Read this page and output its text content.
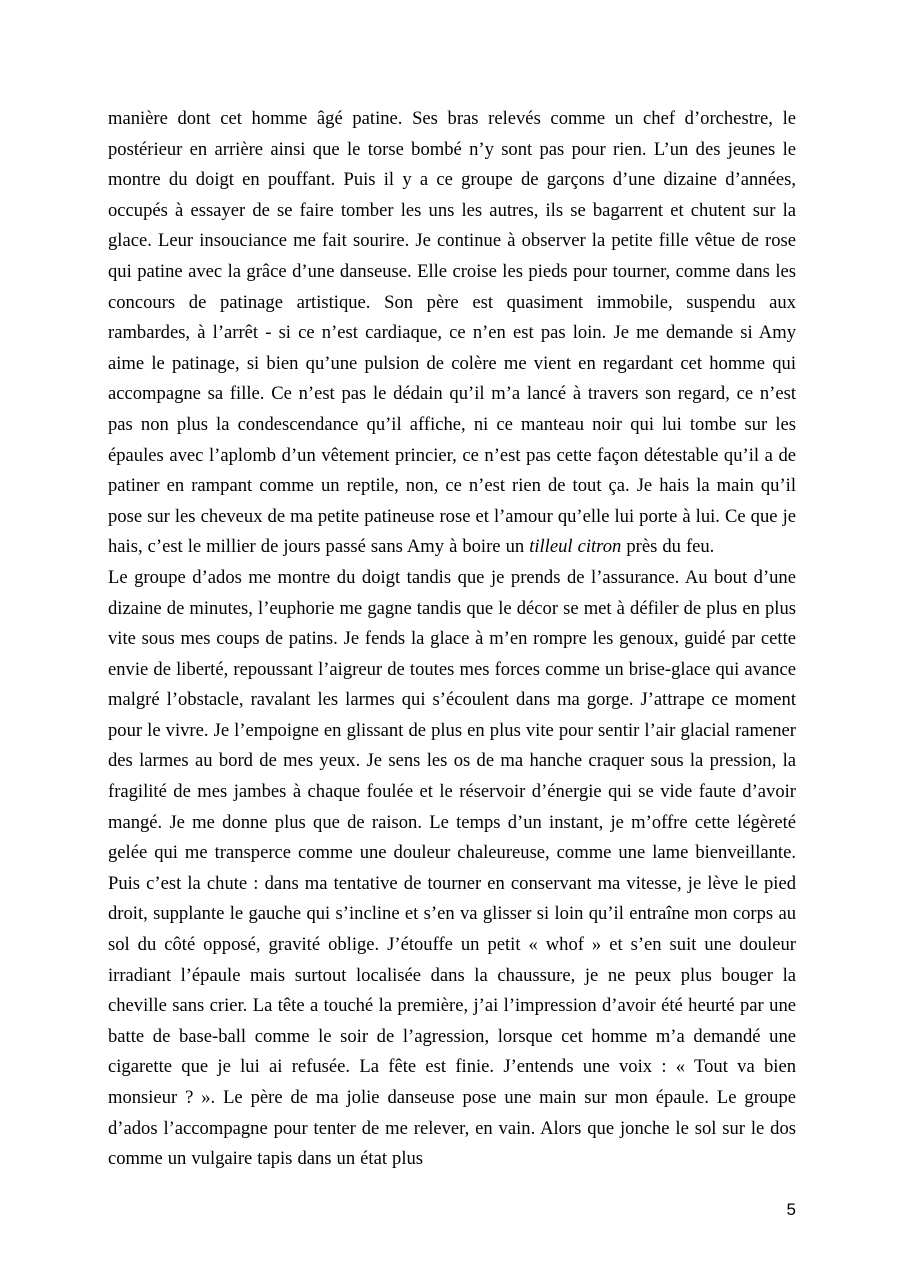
manière dont cet homme âgé patine. Ses bras relevés comme un chef d’orchestre, le postérieur en arrière ainsi que le torse bombé n’y sont pas pour rien. L’un des jeunes le montre du doigt en pouffant. Puis il y a ce groupe de garçons d’une dizaine d’années, occupés à essayer de se faire tomber les uns les autres, ils se bagarrent et chutent sur la glace. Leur insouciance me fait sourire. Je continue à observer la petite fille vêtue de rose qui patine avec la grâce d’une danseuse. Elle croise les pieds pour tourner, comme dans les concours de patinage artistique. Son père est quasiment immobile, suspendu aux rambardes, à l’arrêt - si ce n’est cardiaque, ce n’en est pas loin. Je me demande si Amy aime le patinage, si bien qu’une pulsion de colère me vient en regardant cet homme qui accompagne sa fille. Ce n’est pas le dédain qu’il m’a lancé à travers son regard, ce n’est pas non plus la condescendance qu’il affiche, ni ce manteau noir qui lui tombe sur les épaules avec l’aplomb d’un vêtement princier, ce n’est pas cette façon détestable qu’il a de patiner en rampant comme un reptile, non, ce n’est rien de tout ça. Je hais la main qu’il pose sur les cheveux de ma petite patineuse rose et l’amour qu’elle lui porte à lui. Ce que je hais, c’est le millier de jours passé sans Amy à boire un tilleul citron près du feu.

Le groupe d’ados me montre du doigt tandis que je prends de l’assurance. Au bout d’une dizaine de minutes, l’euphorie me gagne tandis que le décor se met à défiler de plus en plus vite sous mes coups de patins. Je fends la glace à m’en rompre les genoux, guidé par cette envie de liberté, repoussant l’aigreur de toutes mes forces comme un brise-glace qui avance malgré l’obstacle, ravalant les larmes qui s’écoulent dans ma gorge. J’attrape ce moment pour le vivre. Je l’empoigne en glissant de plus en plus vite pour sentir l’air glacial ramener des larmes au bord de mes yeux. Je sens les os de ma hanche craquer sous la pression, la fragilité de mes jambes à chaque foulée et le réservoir d’énergie qui se vide faute d’avoir mangé. Je me donne plus que de raison. Le temps d’un instant, je m’offre cette légèreté gelée qui me transperce comme une douleur chaleureuse, comme une lame bienveillante. Puis c’est la chute : dans ma tentative de tourner en conservant ma vitesse, je lève le pied droit, supplante le gauche qui s’incline et s’en va glisser si loin qu’il entraîne mon corps au sol du côté opposé, gravité oblige. J’étouffe un petit « whof » et s’en suit une douleur irradiant l’épaule mais surtout localisée dans la chaussure, je ne peux plus bouger la cheville sans crier. La tête a touché la première, j’ai l’impression d’avoir été heurté par une batte de base-ball comme le soir de l’agression, lorsque cet homme m’a demandé une cigarette que je lui ai refusée. La fête est finie. J’entends une voix : « Tout va bien monsieur ? ». Le père de ma jolie danseuse pose une main sur mon épaule. Le groupe d’ados l’accompagne pour tenter de me relever, en vain. Alors que jonche le sol sur le dos comme un vulgaire tapis dans un état plus

5
